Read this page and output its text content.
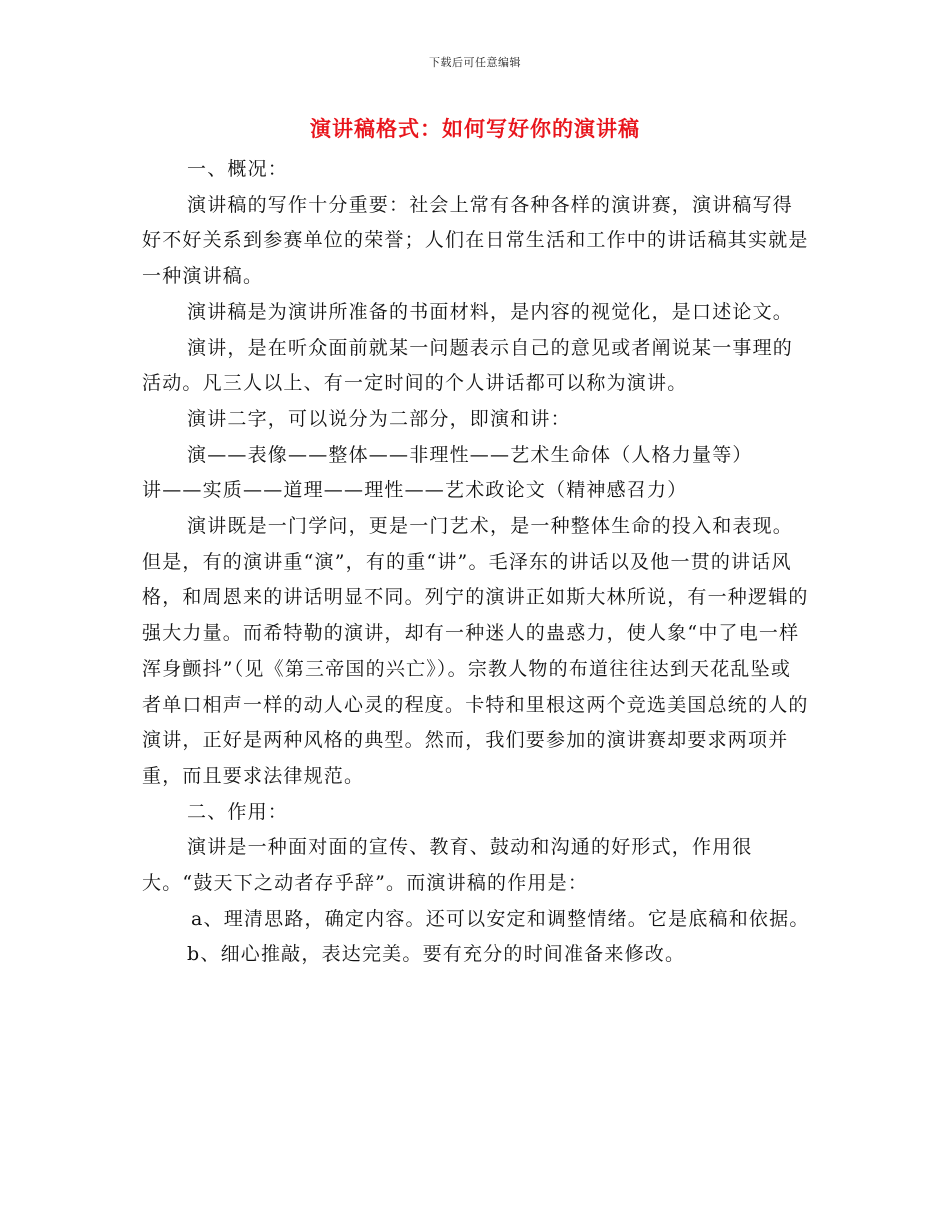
下载后可任意编辑
演讲稿格式：如何写好你的演讲稿

一、概况：

演讲稿的写作十分重要：社会上常有各种各样的演讲赛，演讲稿写得好不好关系到参赛单位的荣誉；人们在日常生活和工作中的讲话稿其实就是一种演讲稿。

演讲稿是为演讲所准备的书面材料，是内容的视觉化，是口述论文。

演讲，是在听众面前就某一问题表示自己的意见或者阐说某一事理的活动。凡三人以上、有一定时间的个人讲话都可以称为演讲。

演讲二字，可以说分为二部分，即演和讲：

演——表像——整体——非理性——艺术生命体（人格力量等）

讲——实质——道理——理性——艺术政论文（精神感召力）

演讲既是一门学问，更是一门艺术，是一种整体生命的投入和表现。但是，有的演讲重“演”，有的重“讲”。毛泽东的讲话以及他一贯的讲话风格，和周恩来的讲话明显不同。列宁的演讲正如斯大林所说，有一种逻辑的强大力量。而希特勒的演讲，却有一种迷人的蛊惑力，使人象“中了电一样浑身颤抖”（见《第三帝国的兴亡》）。宗教人物的布道往往达到天花乱坠或者单口相声一样的动人心灵的程度。卡特和里根这两个竞选美国总统的人的演讲，正好是两种风格的典型。然而，我们要参加的演讲赛却要求两项并重，而且要求法律规范。

二、作用：

演讲是一种面对面的宣传、教育、鼓动和沟通的好形式，作用很大。“鼓天下之动者存乎辞”。而演讲稿的作用是：

a、理清思路，确定内容。还可以安定和调整情绪。它是底稿和依据。

b、细心推敲，表达完美。要有充分的时间准备来修改。
